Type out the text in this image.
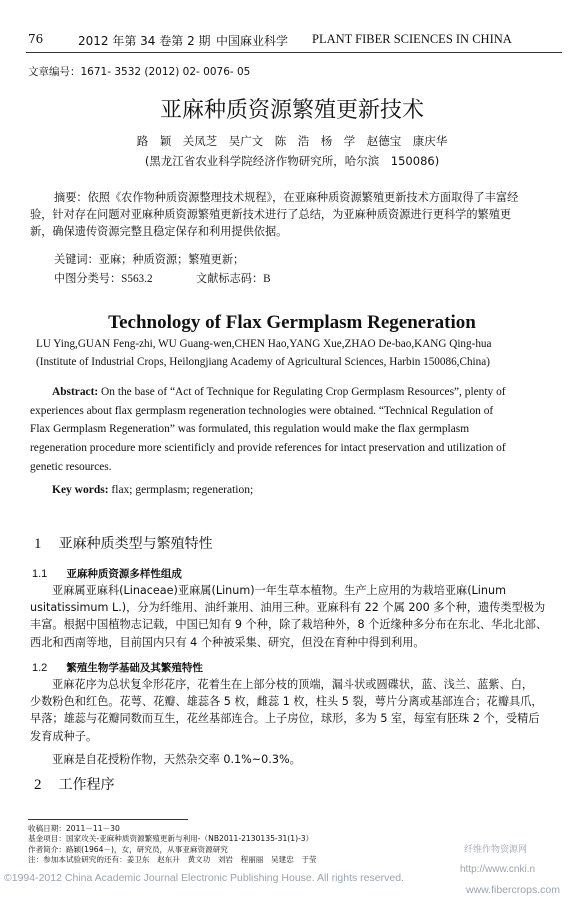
76	2012 年第 34 卷第 2 期 中国麻业科学 PLANT FIBER SCIENCES IN CHINA
文章编号：1671- 3532 (2012) 02- 0076- 05
亚麻种质资源繁殖更新技术
路　颖　关凤芝　吴广文　陈　浩　杨　学　赵德宝　康庆华
(黑龙江省农业科学院经济作物研究所，哈尔滨　150086)

摘要：依照《农作物种质资源整理技术规程》，在亚麻种质资源繁殖更新技术方面取得了丰富经

验，针对存在问题对亚麻种质资源繁殖更新技术进行了总结，为亚麻种质资源进行更科学的繁殖更

新，确保遗传资源完整且稳定保存和利用提供依据。

关键词：亚麻；种质资源；繁殖更新；
中图分类号：S563.2	文献标志码：B
Technology of Flax Germplasm Regeneration
LU Ying,GUAN Feng-zhi, WU Guang-wen,CHEN Hao,YANG Xue,ZHAO De-bao,KANG Qing-hua
(Institute of Industrial Crops, Heilongjiang Academy of Agricultural Sciences, Harbin 150086,China)

Abstract: On the base of “Act of Technique for Regulating Crop Germplasm Resources”, plenty of

experiences about flax germplasm regeneration technologies were obtained. “Technical Regulation of

Flax Germplasm Regeneration” was formulated, this regulation would make the flax germplasm

regeneration procedure more scientificly and provide references for intact preservation and utilization of

genetic resources.

Key words: flax; germplasm; regeneration;
1 亚麻种质类型与繁殖特性
1.1 亚麻种质资源多样性组成

亚麻属亚麻科(Linaceae)亚麻属(Linum)一年生草本植物。生产上应用的为栽培亚麻(Linum

usitatissimum L.)，分为纤维用、油纤兼用、油用三种。亚麻科有 22 个属 200 多个种，遗传类型极为

丰富。根据中国植物志记载，中国已知有 9 个种，除了栽培种外，8 个近缘种多分布在东北、华北北部、

西北和西南等地，目前国内只有 4 个种被采集、研究，但没在育种中得到利用。

1.2 繁殖生物学基础及其繁殖特性

亚麻花序为总状复伞形花序，花着生在上部分枝的顶端，漏斗状或圆碟状，蓝、浅兰、蓝紫、白，

少数粉色和红色。花萼、花瓣、雄蕊各 5 枚，雌蕊 1 枚，柱头 5 裂，萼片分离或基部连合；花瓣具爪，

早落；雄蕊与花瓣同数而互生，花丝基部连合。上子房位，球形，多为 5 室，每室有胚珠 2 个，受精后

发育成种子。

亚麻是自花授粉作物，天然杂交率 0.1%~0.3%。

2 工作程序
收稿日期：2011－11－30
基金项目：国家攻关-亚麻种质资源繁殖更新与利用-（NB2011-2130135-31(1)-3）
作者简介：路颖(1964－)，女，研究员，从事亚麻资源研究
注：参加本试验研究的还有：姜卫东　赵东升　黄文功　刘岩　程丽丽　吴建忠　于莹
http://www.cnki.n
©1994-2012 China Academic Journal Electronic Publishing House. All rights reserved.
纤维作物资源网
www.fibercrops.com
